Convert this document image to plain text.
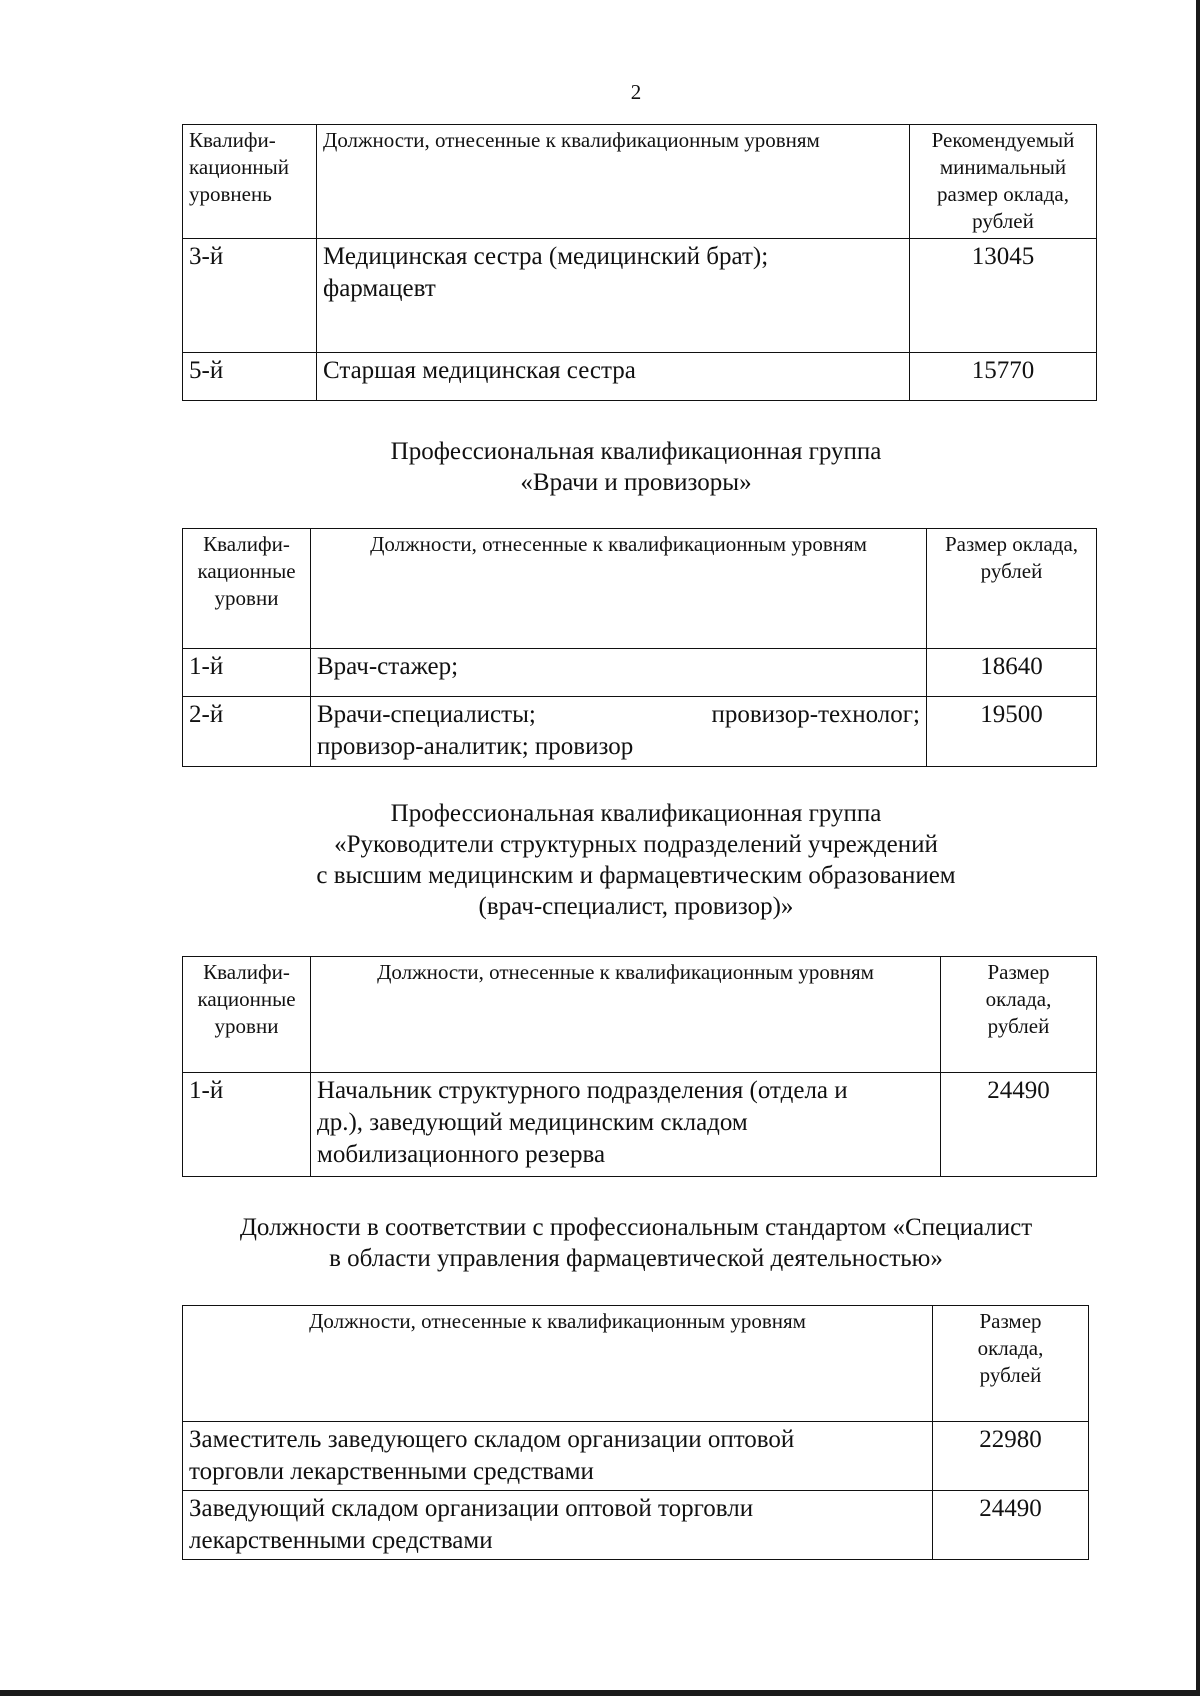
2
Квалифи-
кационный
уровнень	Должности, отнесенные к квалификационным уровням	Рекомендуемый
минимальный
размер оклада,
рублей

3-й	Медицинская сестра (медицинский брат);
фармацевт	13045
5-й	Старшая медицинская сестра	15770
Профессиональная квалификационная группа
«Врачи и провизоры»
Квалифи-
кационные
уровни	Должности, отнесенные к квалификационным уровням	Размер оклада,
рублей

1-й	Врач-стажер;	18640
2-й	Врачи-специалисты; провизор-технолог;
провизор-аналитик; провизор	19500
Профессиональная квалификационная группа
«Руководители структурных подразделений учреждений
с высшим медицинским и фармацевтическим образованием
(врач-специалист, провизор)»
Квалифи-
кационные
уровни	Должности, отнесенные к квалификационным уровням	Размер
оклада,
рублей

1-й	Начальник структурного подразделения (отдела и
др.), заведующий медицинским складом
мобилизационного резерва	24490
Должности в соответствии с профессиональным стандартом «Специалист
в области управления фармацевтической деятельностью»
Должности, отнесенные к квалификационным уровням	Размер
оклада,
рублей

Заместитель заведующего складом организации оптовой
торговли лекарственными средствами	22980

Заведующий складом организации оптовой торговли
лекарственными средствами	24490
